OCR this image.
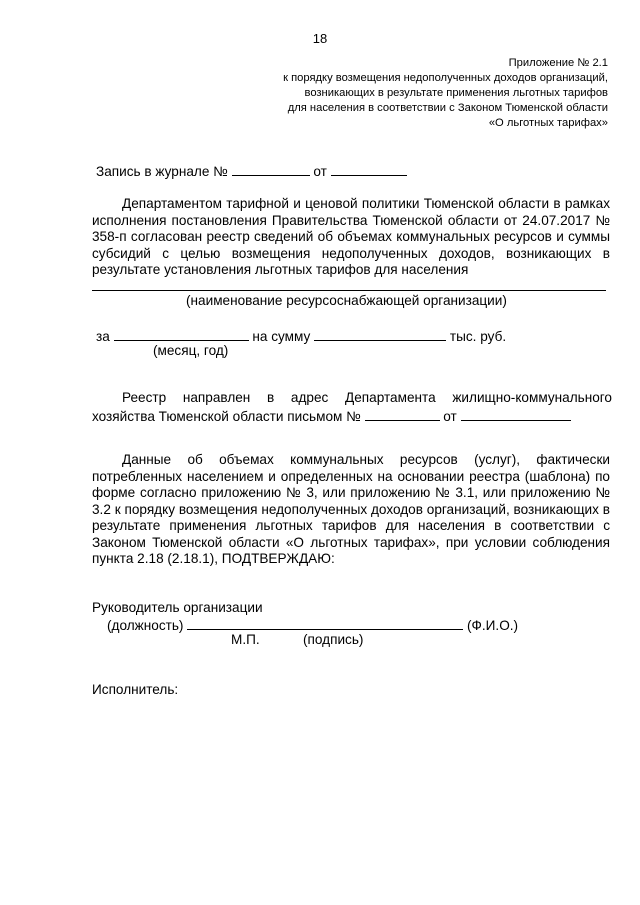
18
Приложение № 2.1
к порядку возмещения недополученных доходов организаций,
возникающих в результате применения льготных тарифов
для населения в соответствии с Законом Тюменской области
«О льготных тарифах»
Запись в журнале №	от
Департаментом тарифной и ценовой политики Тюменской области в рамках исполнения постановления Правительства Тюменской области от 24.07.2017 № 358-п согласован реестр сведений об объемах коммунальных ресурсов и суммы субсидий с целью возмещения недополученных доходов, возникающих в результате установления льготных тарифов для населения
(наименование ресурсоснабжающей организации)
за	на сумму	тыс. руб.
(месяц, год)
Реестр направлен в адрес Департамента жилищно-коммунального хозяйства Тюменской области письмом №	от
Данные об объемах коммунальных ресурсов (услуг), фактически потребленных населением и определенных на основании реестра (шаблона) по форме согласно приложению № 3, или приложению № 3.1, или приложению № 3.2 к порядку возмещения недополученных доходов организаций, возникающих в результате применения льготных тарифов для населения в соответствии с Законом Тюменской области «О льготных тарифах», при условии соблюдения пункта 2.18 (2.18.1), ПОДТВЕРЖДАЮ:
Руководитель организации
(должность)	(Ф.И.О.)
М.П.	(подпись)
Исполнитель:
